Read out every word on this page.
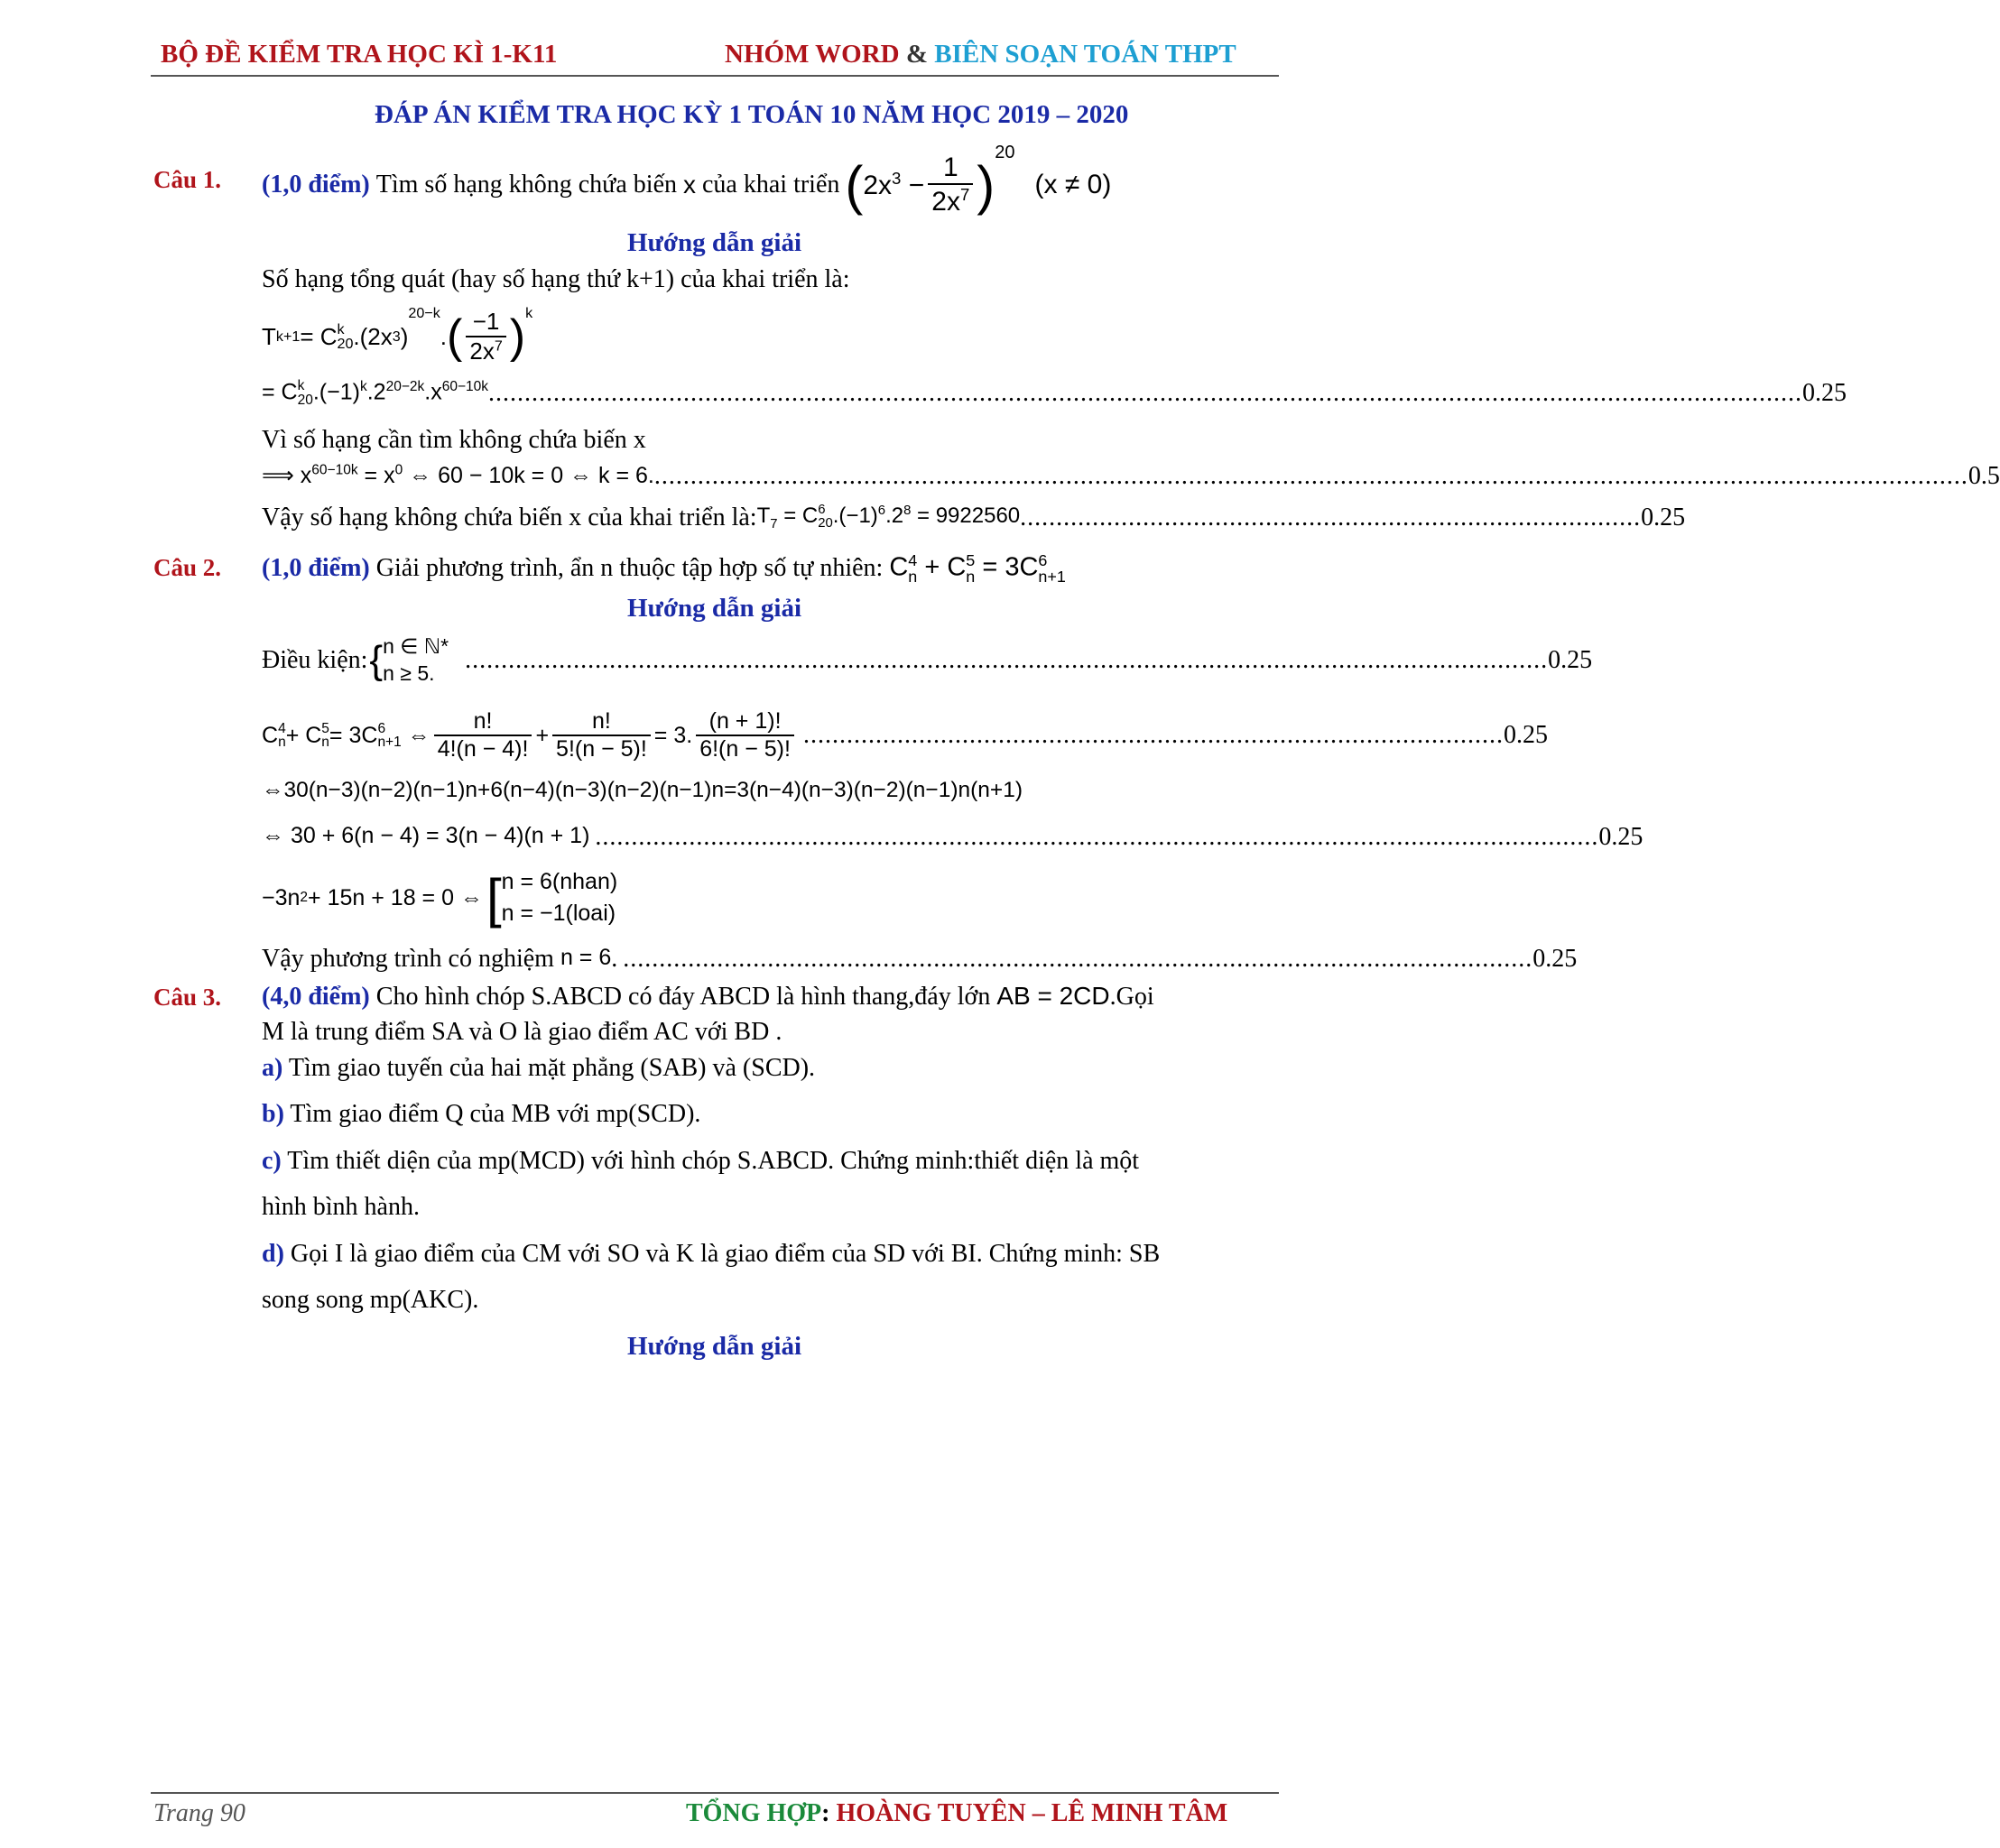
BỘ ĐỀ KIỂM TRA HỌC KÌ 1-K11	NHÓM WORD & BIÊN SOẠN TOÁN THPT
ĐÁP ÁN KIỂM TRA HỌC KỲ 1 TOÁN 10 NĂM HỌC 2019 – 2020
Câu 1. (1,0 điểm)
Tìm số hạng không chứa biến
x
của khai triển ( $2x^3 - \frac{1}{2x^7}$ )
20
(x ≠ 0)
Hướng dẫn giải
Số hạng tổng quát (hay số hạng thứ k+1) của khai triển là:
T k+1 = C k
20 .(2x 3 )
20−k
. ( $\frac{-1}{2x^7} )^k$
= C k
20 $.(-1)^k.2^{20-2k}.x^{60-10k}$ ...................................................................................................................................................................................... 0.25
Vì số hạng cần tìm không chứa biến x
⟹ $x^{60-10k} = x^0$ ⇔ 60 − 10k = 0 ⇔ k = 6. ...................................................................................................................................................................................... 0.5
Vậy số hạng không chứa biến x của khai triển là: $T_7 = C$ 6
20 $.(-1)^6.2^8 = 9922560$ ...................................................................................... 0.25
Câu 2. (1,0 điểm)
Giải phương trình, ẩn n thuộc tập hợp số tự nhiên:
C 4
n + C 5
n = 3C 6
n+1
Hướng dẫn giải
Điều kiện: { n ∈ ℕ*
n ≥ 5.	...................................................................................................................................................... 0.25
C 4
n + C 5
n = 3C 6
n+1 ⇔ $\frac{n!}{4!(n - 4)!} + \frac{n!}{5!(n - 5)!} = 3$. $\frac{(n + 1)!}{6!(n - 5)!}$ ................................................................................................. 0.25
⇔30(n−3)(n−2)(n−1)n+6(n−4)(n−3)(n−2)(n−1)n=3(n−4)(n−3)(n−2)(n−1)n(n+1)
⇔ 30 + 6(n − 4) = 3(n − 4)(n + 1) ........................................................................................................................................... 0.25
−3n 2 + 15n + 18 = 0 ⇔ [ n = 6(nhan)
n = −1(loai)
Vậy phương trình có nghiệm
n = 6 . .............................................................................................................................. 0.25
Câu 3. (4,0 điểm) Cho hình chóp S.ABCD có đáy ABCD là hình thang,đáy lớn AB = 2CD.Gọi
M là trung điểm SA và O là giao điểm AC với BD .
a) Tìm giao tuyến của hai mặt phẳng (SAB) và (SCD).
b) Tìm giao điểm Q của MB với mp(SCD).
c) Tìm thiết diện của mp(MCD) với hình chóp S.ABCD. Chứng minh:thiết diện là một
hình bình hành.
d) Gọi I là giao điểm của CM với SO và K là giao điểm của SD với BI. Chứng minh: SB
song song mp(AKC).
Hướng dẫn giải
Trang 90	TỔNG HỢP: HOÀNG TUYÊN – LÊ MINH TÂM
